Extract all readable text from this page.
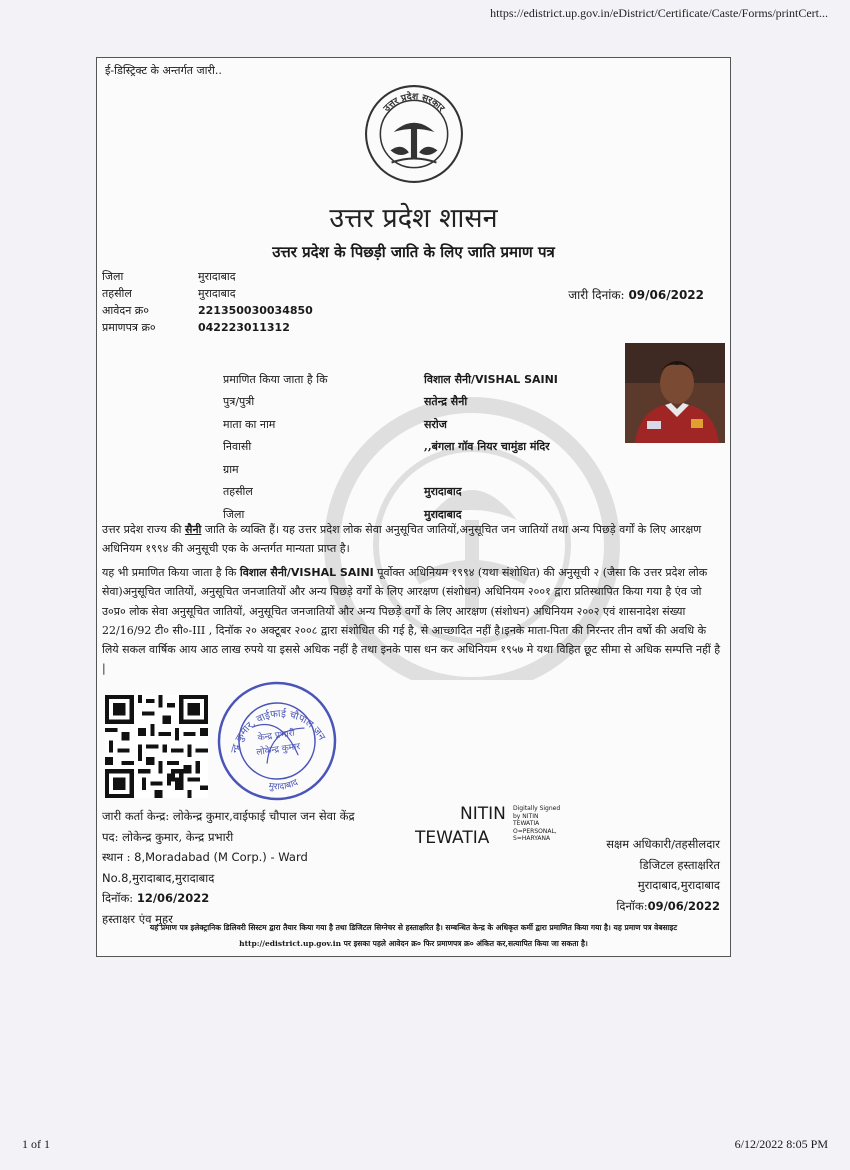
https://edistrict.up.gov.in/eDistrict/Certificate/Caste/Forms/printCert...
ई-डिस्ट्रिक्ट के अन्तर्गत जारी..
उत्तर प्रदेश सरकार
उत्तर प्रदेश शासन
उत्तर प्रदेश के पिछड़ी जाति के लिए जाति प्रमाण पत्र
जिला	मुरादाबाद
तहसील	मुरादाबाद
आवेदन क्र०	221350030034850
प्रमाणपत्र क्र०	042223011312
जारी दिनांक: 09/06/2022
प्रमाणित किया जाता है कि	विशाल सैनी/VISHAL SAINI
पुत्र/पुत्री	सतेन्द्र सैनी
माता का नाम	सरोज
निवासी	,,बंगला गॉव नियर चामुंडा मंदिर
ग्राम
तहसील	मुरादाबाद
जिला	मुरादाबाद
उत्तर प्रदेश राज्य की सैनी जाति के व्यक्ति हैं। यह उत्तर प्रदेश लोक सेवा अनुसूचित जातियों,अनुसूचित जन जातियों तथा अन्य पिछड़े वर्गों के लिए आरक्षण अधिनियम १९९४ की अनुसूची एक के अन्तर्गत मान्यता प्राप्त है।
यह भी प्रमाणित किया जाता है कि विशाल सैनी/VISHAL SAINI पूर्वोक्त अधिनियम १९९४ (यथा संशोधित) की अनुसूची २ (जैसा कि उत्तर प्रदेश लोक सेवा)अनुसूचित जातियों, अनुसूचित जनजातियों और अन्य पिछड़े वर्गों के लिए आरक्षण (संशोधन) अधिनियम २००१ द्वारा प्रतिस्थापित किया गया है एंव जो उ०प्र० लोक सेवा अनुसूचित जातियों, अनुसूचित जनजातियों और अन्य पिछड़े वर्गों के लिए आरक्षण (संशोधन) अधिनियम २००२ एवं शासनादेश संख्या 22/16/92 टी० सी०-III , दिनॉक २० अक्टूबर २००८ द्वारा संशोधित की गई है, से आच्छादित नहीं है।इनके माता-पिता की निरन्तर तीन वर्षो की अवधि के लिये सकल वार्षिक आय आठ लाख रुपये या इससे अधिक नहीं है तथा इनके पास धन कर अधिनियम १९५७ मे यथा विहित छूट सीमा से अधिक सम्पत्ति नहीं है |
लोकेन्द्र कुमार, वाईफाई चौपाल जन
मुरादाबाद
केन्द्र प्रभारी
लोकेन्द्र कुमार
जारी कर्ता केन्द्र: लोकेन्द्र कुमार,वाईफाई चौपाल जन सेवा केंद्र
पद: लोकेन्द्र कुमार, केन्द्र प्रभारी
स्थान : 8,Moradabad (M Corp.) - Ward No.8,मुरादाबाद,मुरादाबाद
दिनॉक: 12/06/2022
हस्ताक्षर एंव मुहर
NITIN
TEWATIA
Digitally Signed
by NITIN
TEWATIA
O=PERSONAL,
S=HARYANA	सक्षम अधिकारी/तहसीलदार
डिजिटल हस्ताक्षरित
मुरादाबाद,मुरादाबाद
दिनॉक:09/06/2022
यह प्रमाण पत्र इलेक्ट्रानिक डिलिवरी सिस्टम द्वारा तैयार किया गया है तथा डिजिटल सिग्नेचर से हस्ताक्षरित है। सम्बन्धित केन्द्र के अधिकृत कर्मी द्वारा प्रमाणित किया गया है। यह प्रमाण पत्र वेबसाइट http://edistrict.up.gov.in पर इसका पहले आवेदन क्र० फिर प्रमाणपत्र क्र० अंकित कर,सत्यापित किया जा सकता है।
1 of 1	6/12/2022 8:05 PM
